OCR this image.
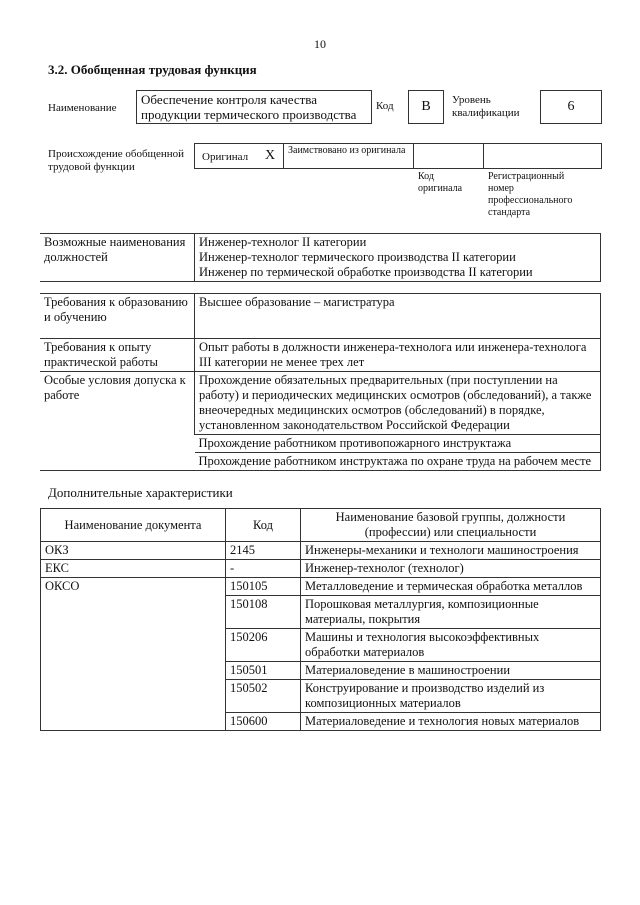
10
3.2. Обобщенная трудовая функция
Наименование
Обеспечение контроля качества продукции термического производства
Код	B	Уровень квалификации	6
Происхождение обобщенной трудовой функции
Оригинал X Заимствовано из оригинала
Код оригинала
Регистрационный номер профессионального стандарта
Возможные наименования должностей	
Инженер-технолог II категории
Инженер-технолог термического производства II категории
Инженер по термической обработке производства II категории
Требования к образованию и обучению	Высшее образование – магистратура
Требования к опыту практической работы	Опыт работы в должности инженера-технолога или инженера-технолога III категории не менее трех лет
Особые условия допуска к работе	Прохождение обязательных предварительных (при поступлении на работу) и периодических медицинских осмотров (обследований), а также внеочередных медицинских осмотров (обследований) в порядке, установленном законодательством Российской Федерации
	Прохождение работником противопожарного инструктажа
	Прохождение работником инструктажа по охране труда на рабочем месте
Дополнительные характеристики
Наименование документа	Код	Наименование базовой группы, должности (профессии) или специальности
ОКЗ	2145	Инженеры-механики и технологи машиностроения
ЕКС	-	Инженер-технолог (технолог)
ОКСО	150105	Металловедение и термическая обработка металлов
	150108	Порошковая металлургия, композиционные материалы, покрытия
	150206	Машины и технология высокоэффективных обработки материалов
	150501	Материаловедение в машиностроении
	150502	Конструирование и производство изделий из композиционных материалов
	150600	Материаловедение и технология новых материалов
